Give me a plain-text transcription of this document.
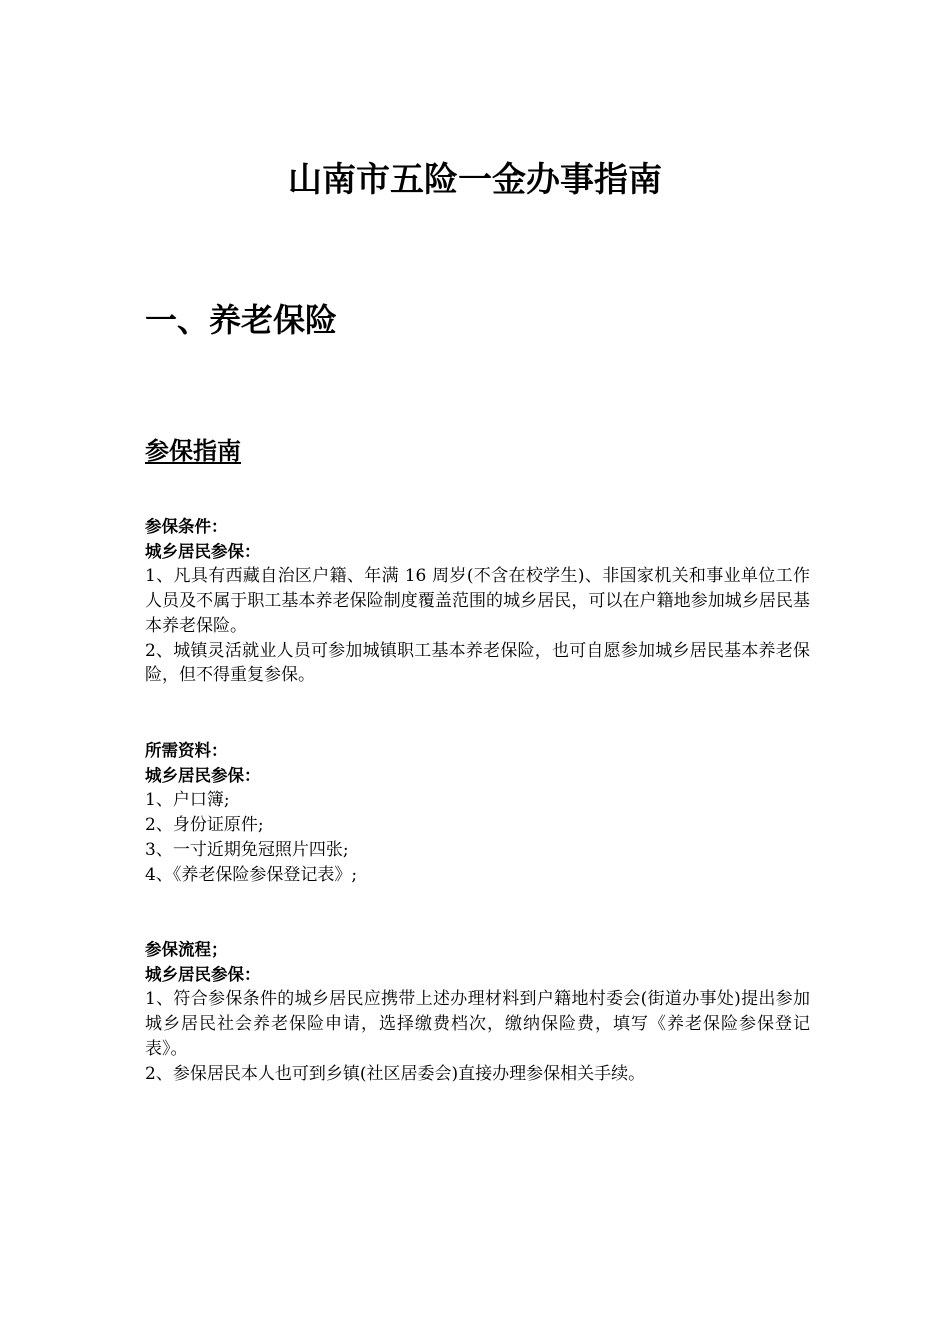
山南市五险一金办事指南
一、养老保险
参保指南

参保条件：

城乡居民参保：

1、凡具有西藏自治区户籍、年满 16 周岁(不含在校学生)、非国家机关和事业单位工作人员及不属于职工基本养老保险制度覆盖范围的城乡居民，可以在户籍地参加城乡居民基本养老保险。

2、城镇灵活就业人员可参加城镇职工基本养老保险，也可自愿参加城乡居民基本养老保险，但不得重复参保。

所需资料：

城乡居民参保：

1、户口簿;

2、身份证原件;

3、一寸近期免冠照片四张;

4、《养老保险参保登记表》;

参保流程；

城乡居民参保：

1、符合参保条件的城乡居民应携带上述办理材料到户籍地村委会(街道办事处)提出参加城乡居民社会养老保险申请，选择缴费档次，缴纳保险费，填写《养老保险参保登记表》。

2、参保居民本人也可到乡镇(社区居委会)直接办理参保相关手续。
